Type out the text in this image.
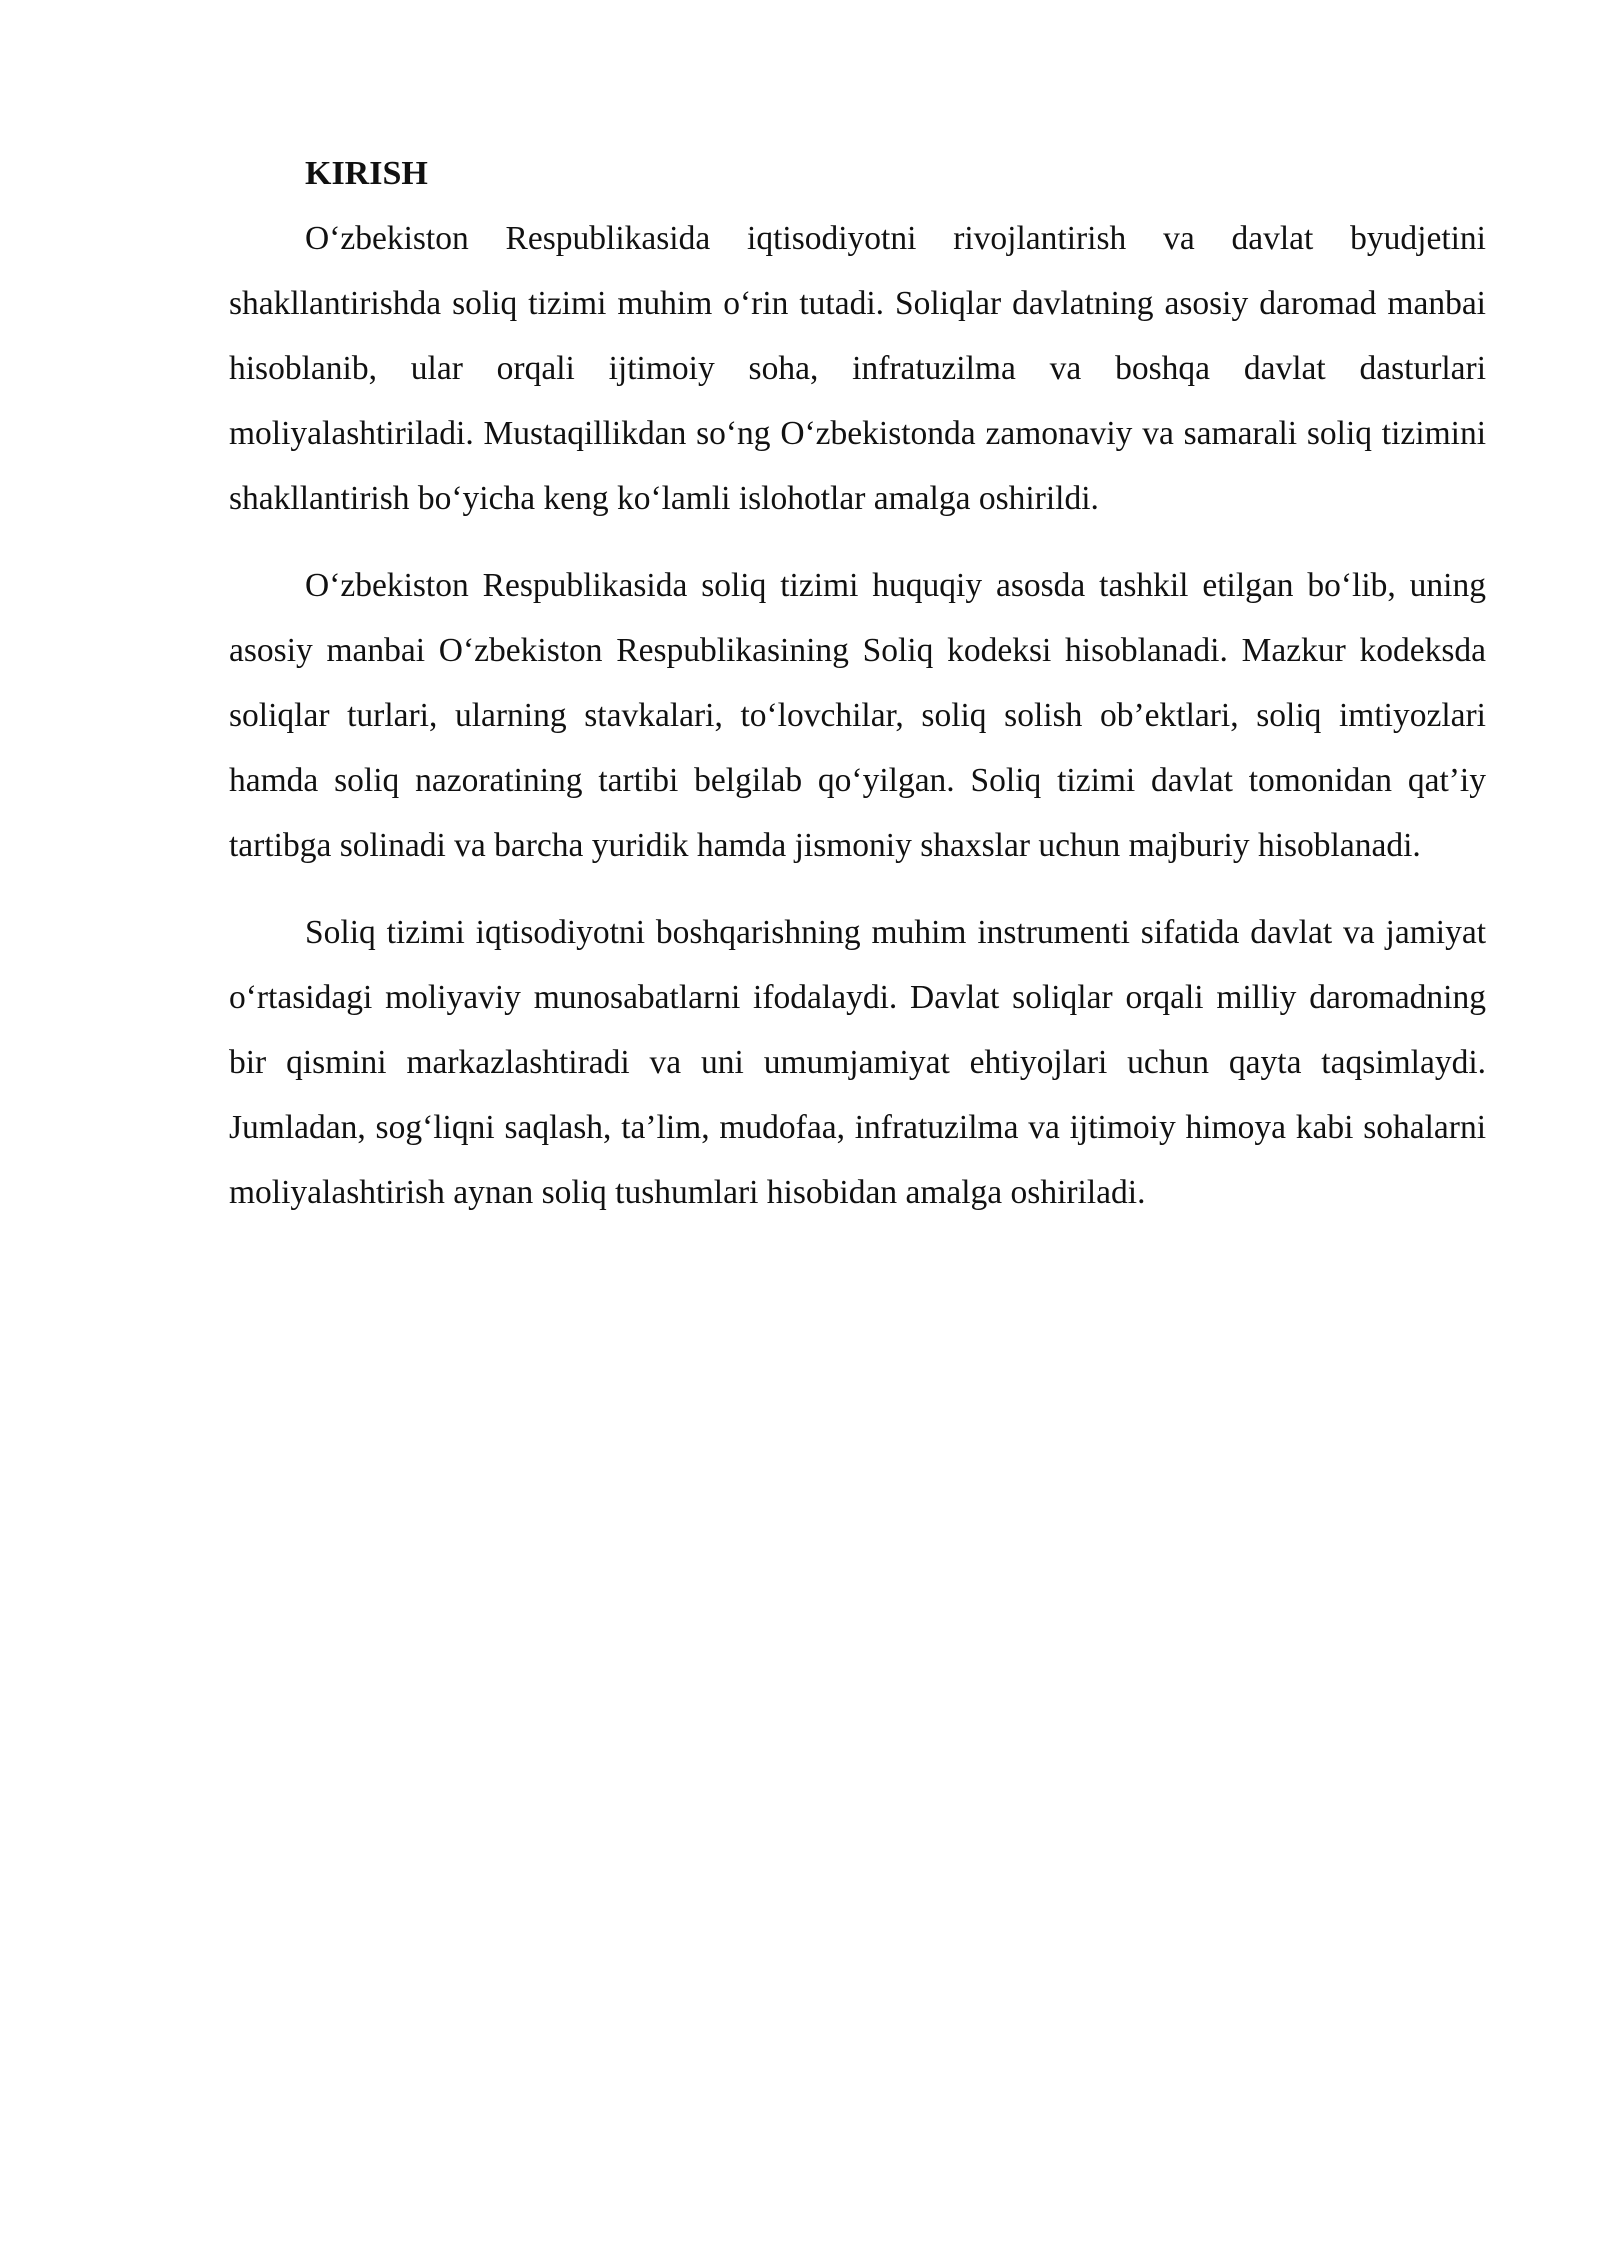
KIRISH

O‘zbekiston Respublikasida iqtisodiyotni rivojlantirish va davlat byudjetini shakllantirishda soliq tizimi muhim o‘rin tutadi. Soliqlar davlatning asosiy daromad manbai hisoblanib, ular orqali ijtimoiy soha, infratuzilma va boshqa davlat dasturlari moliyalashtiriladi. Mustaqillikdan so‘ng O‘zbekistonda zamonaviy va samarali soliq tizimini shakllantirish bo‘yicha keng ko‘lamli islohotlar amalga oshirildi.

O‘zbekiston Respublikasida soliq tizimi huquqiy asosda tashkil etilgan bo‘lib, uning asosiy manbai O‘zbekiston Respublikasining Soliq kodeksi hisoblanadi. Mazkur kodeksda soliqlar turlari, ularning stavkalari, to‘lovchilar, soliq solish ob’ektlari, soliq imtiyozlari hamda soliq nazoratining tartibi belgilab qo‘yilgan. Soliq tizimi davlat tomonidan qat’iy tartibga solinadi va barcha yuridik hamda jismoniy shaxslar uchun majburiy hisoblanadi.

Soliq tizimi iqtisodiyotni boshqarishning muhim instrumenti sifatida davlat va jamiyat o‘rtasidagi moliyaviy munosabatlarni ifodalaydi. Davlat soliqlar orqali milliy daromadning bir qismini markazlashtiradi va uni umumjamiyat ehtiyojlari uchun qayta taqsimlaydi. Jumladan, sog‘liqni saqlash, ta’lim, mudofaa, infratuzilma va ijtimoiy himoya kabi sohalarni moliyalashtirish aynan soliq tushumlari hisobidan amalga oshiriladi.
